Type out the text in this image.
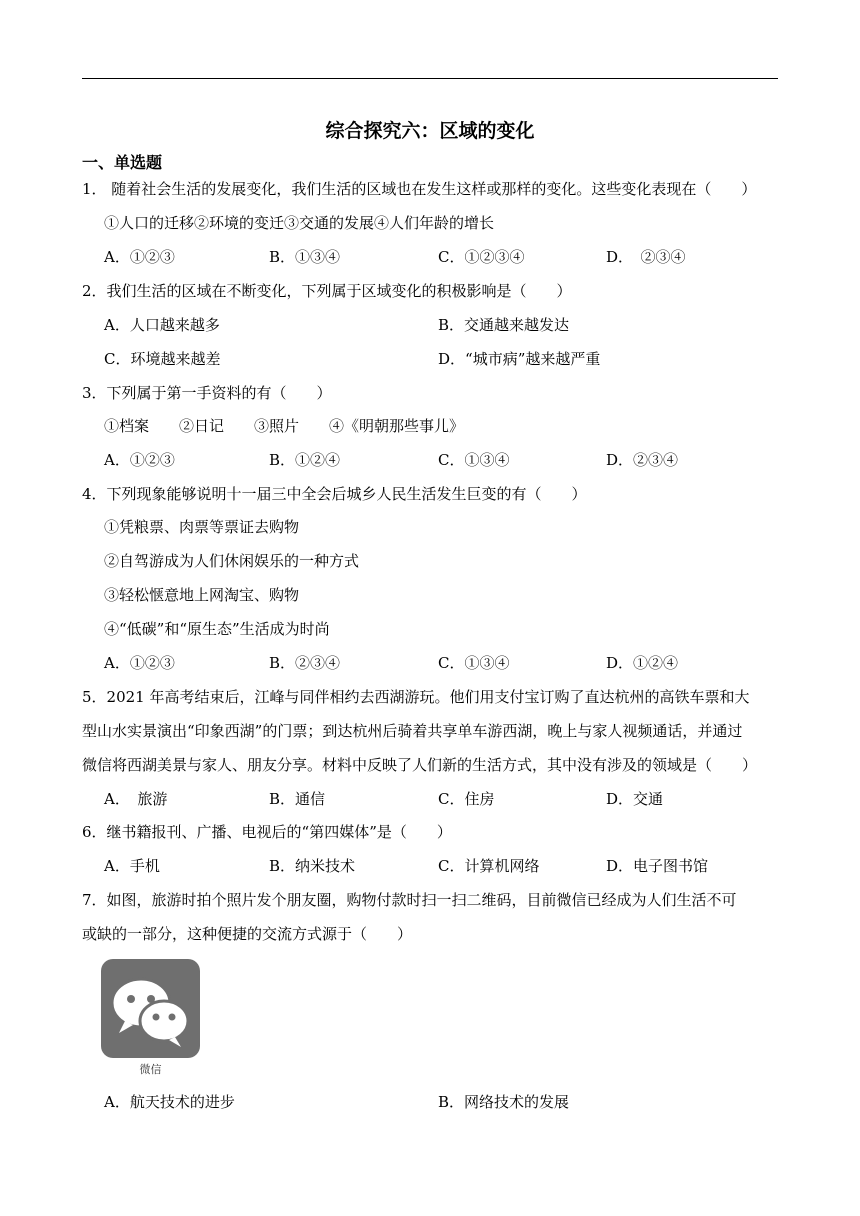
综合探究六：区域的变化
一、单选题
1． 随着社会生活的发展变化，我们生活的区域也在发生这样或那样的变化。这些变化表现在（　　）
①人口的迁移②环境的变迁③交通的发展④人们年龄的增长
A．①②③	B．①③④	C．①②③④	D．　②③④
2．我们生活的区域在不断变化，下列属于区域变化的积极影响是（　　）
A．人口越来越多	B．交通越来越发达
C．环境越来越差	D．“城市病”越来越严重
3．下列属于第一手资料的有（　　）
①档案　　②日记　　③照片　　④《明朝那些事儿》
A．①②③	B．①②④	C．①③④	D．②③④
4．下列现象能够说明十一届三中全会后城乡人民生活发生巨变的有（　　）
①凭粮票、肉票等票证去购物
②自驾游成为人们休闲娱乐的一种方式
③轻松惬意地上网淘宝、购物
④“低碳”和“原生态”生活成为时尚
A．①②③	B．②③④	C．①③④	D．①②④
5．2021 年高考结束后，江峰与同伴相约去西湖游玩。他们用支付宝订购了直达杭州的高铁车票和大
型山水实景演出“印象西湖”的门票；到达杭州后骑着共享单车游西湖，晚上与家人视频通话，并通过
微信将西湖美景与家人、朋友分享。材料中反映了人们新的生活方式，其中没有涉及的领域是（　　）
A．　旅游	B．通信	C．住房	D．交通
6．继书籍报刊、广播、电视后的“第四媒体”是（　　）
A．手机	B．纳米技术	C．计算机网络	D．电子图书馆
7．如图，旅游时拍个照片发个朋友圈，购物付款时扫一扫二维码，目前微信已经成为人们生活不可
或缺的一部分，这种便捷的交流方式源于（　　）
微信
A．航天技术的进步	B．网络技术的发展
